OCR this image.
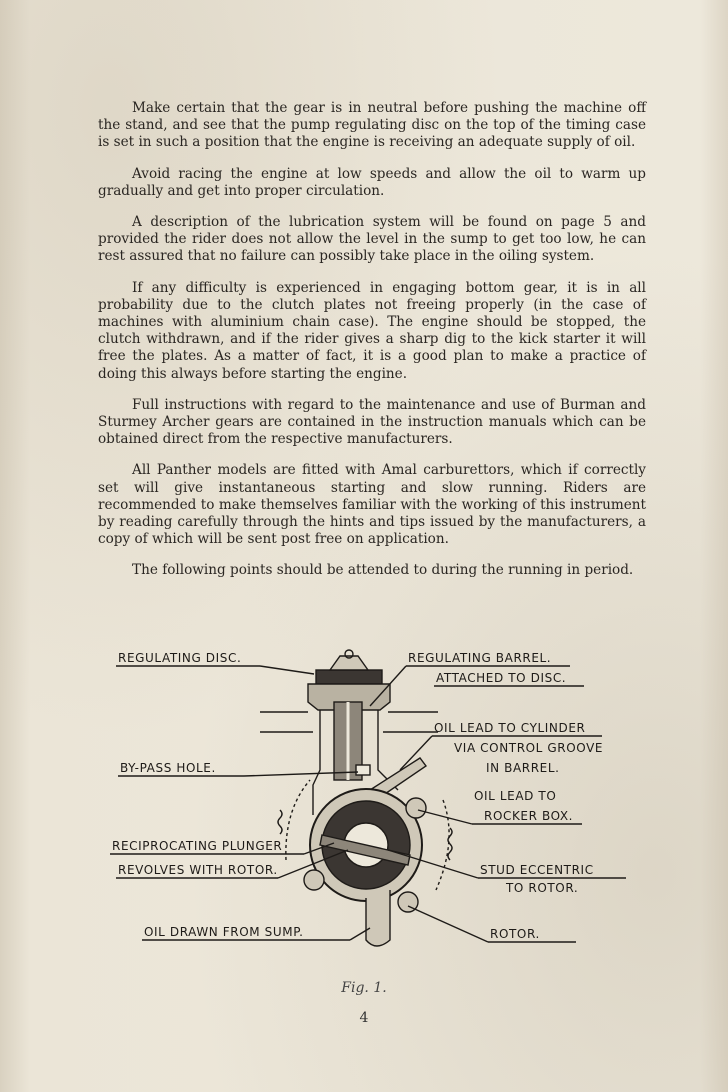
Make certain that the gear is in neutral before pushing the machine off the stand, and see that the pump regulating disc on the top of the timing case is set in such a position that the engine is receiving an adequate supply of oil.

Avoid racing the engine at low speeds and allow the oil to warm up gradually and get into proper circulation.

A description of the lubrication system will be found on page 5 and provided the rider does not allow the level in the sump to get too low, he can rest assured that no failure can possibly take place in the oiling system.

If any difficulty is experienced in engaging bottom gear, it is in all probability due to the clutch plates not freeing properly (in the case of machines with aluminium chain case). The engine should be stopped, the clutch withdrawn, and if the rider gives a sharp dig to the kick starter it will free the plates. As a matter of fact, it is a good plan to make a practice of doing this always before starting the engine.

Full instructions with regard to the maintenance and use of Burman and Sturmey Archer gears are contained in the instruction manuals which can be obtained direct from the respective manufacturers.

All Panther models are fitted with Amal carburettors, which if correctly set will give instantaneous starting and slow running. Riders are recommended to make themselves familiar with the working of this instrument by reading carefully through the hints and tips issued by the manufacturers, a copy of which will be sent post free on application.

The following points should be attended to during the running in period.

REGULATING DISC.	REGULATING BARREL.
ATTACHED TO DISC.
OIL LEAD TO CYLINDER
VIA CONTROL GROOVE
IN BARREL.
BY-PASS HOLE.
OIL LEAD TO
ROCKER BOX.
RECIPROCATING PLUNGER
REVOLVES WITH ROTOR.	STUD ECCENTRIC
TO ROTOR.
OIL DRAWN FROM SUMP.	ROTOR.
Fig. 1.
4
